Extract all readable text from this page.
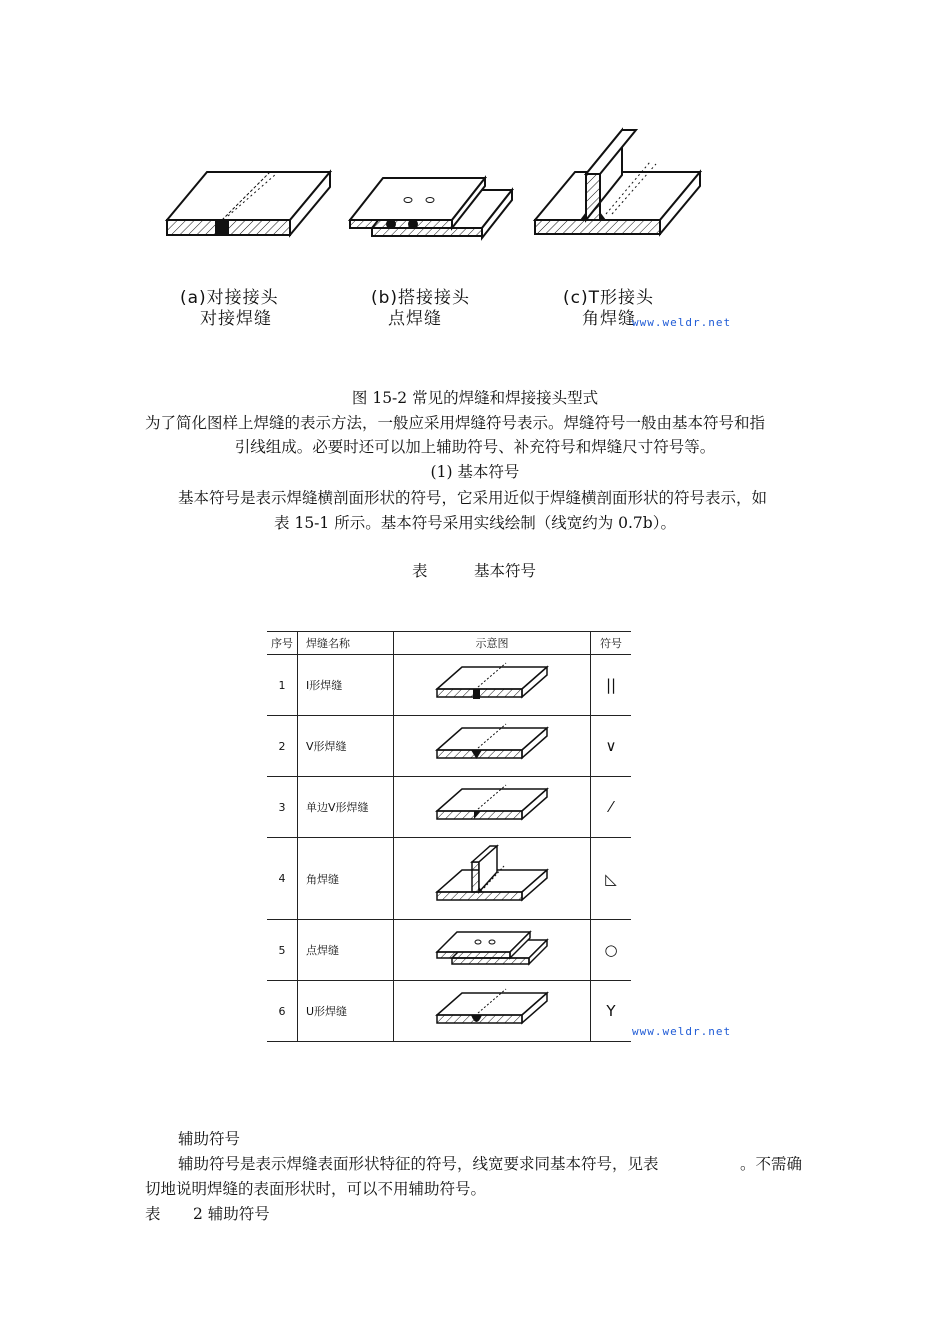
(a)对接接头
对接焊缝
(b)搭接接头
点焊缝
(c)T形接头
角焊缝
www.weldr.net
图 15-2 常见的焊缝和焊接接头型式
为了简化图样上焊缝的表示方法，一般应采用焊缝符号表示。焊缝符号一般由基本符号和指
引线组成。必要时还可以加上辅助符号、补充符号和焊缝尺寸符号等。
(1) 基本符号
基本符号是表示焊缝横剖面形状的符号，它采用近似于焊缝横剖面形状的符号表示，如
表 15-1 所示。基本符号采用实线绘制（线宽约为 0.7b）。
表	基本符号
序号	焊缝名称	示意图	符号
1	I形焊缝		||
2	V形焊缝		∨
3	单边V形焊缝		⁄
4	角焊缝		◺
5	点焊缝		○
6	U形焊缝		Y
www.weldr.net
辅助符号
辅助符号是表示焊缝表面形状特征的符号，线宽要求同基本符号，见表	。不需确
切地说明焊缝的表面形状时，可以不用辅助符号。
表 2 辅助符号
